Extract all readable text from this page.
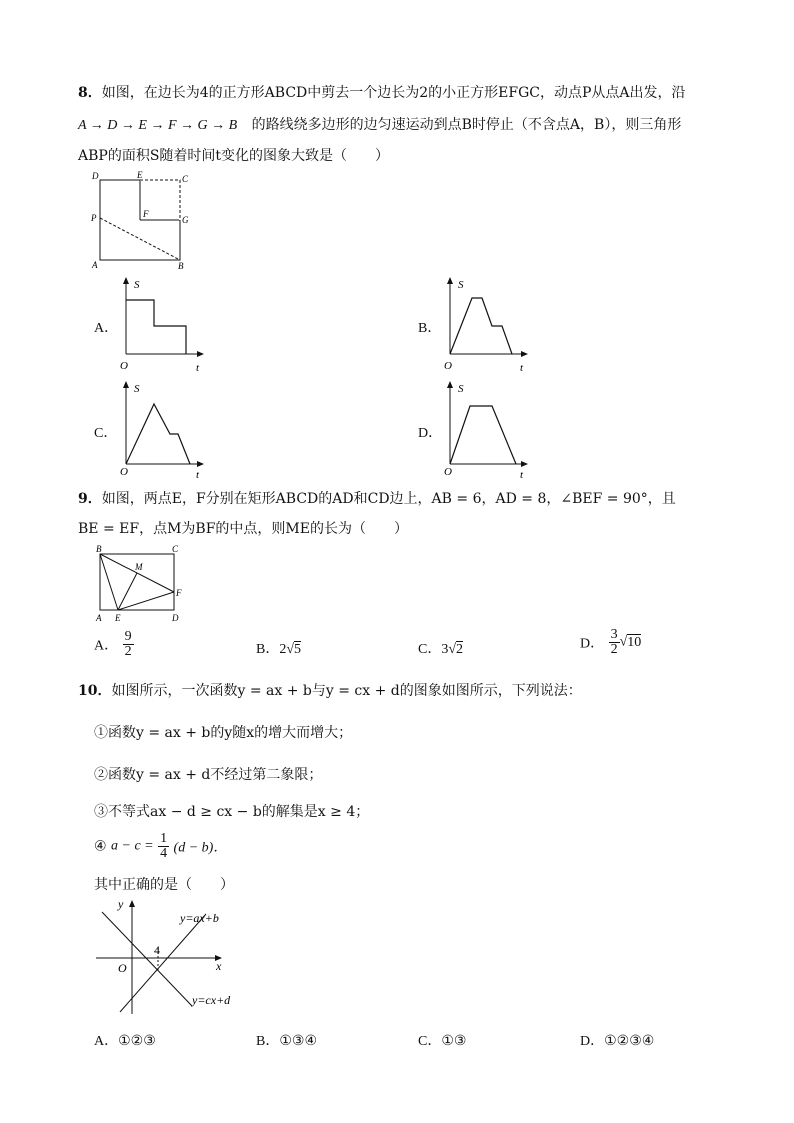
8．如图，在边长为4的正方形ABCD中剪去一个边长为2的小正方形EFGC，动点P从点A出发，沿
A → D → E → F → G → B 的路线绕多边形的边匀速运动到点B时停止（不含点A，B），则三角形
ABP的面积S随着时间t变化的图象大致是（　　）
D	E	C
P	F
G
A	B
A．
S
O	t
B．
S
O	t
C．
S
O	t
D．
S
O	t
9．如图，两点E，F分别在矩形ABCD的AD和CD边上，AB = 6，AD = 8，∠BEF = 90°，且
BE = EF，点M为BF的中点，则ME的长为（　　）
B	C
M
F
A E	D
A． $\frac{9}{2}$	B．2√5	C．3√2	D． $\frac{3}{2} √10$
10．如图所示，一次函数y = ax + b与y = cx + d的图象如图所示，下列说法：
①函数y = ax + b的y随x的增大而增大；
②函数y = ax + d不经过第二象限；
③不等式ax − d ≥ cx − b的解集是x ≥ 4；
④ $a - c = \frac{1}{4} (d - b)$．
其中正确的是（　　）
y
x
O
4
y=ax+b
y=cx+d
A．①②③	B．①③④	C．①③	D．①②③④
